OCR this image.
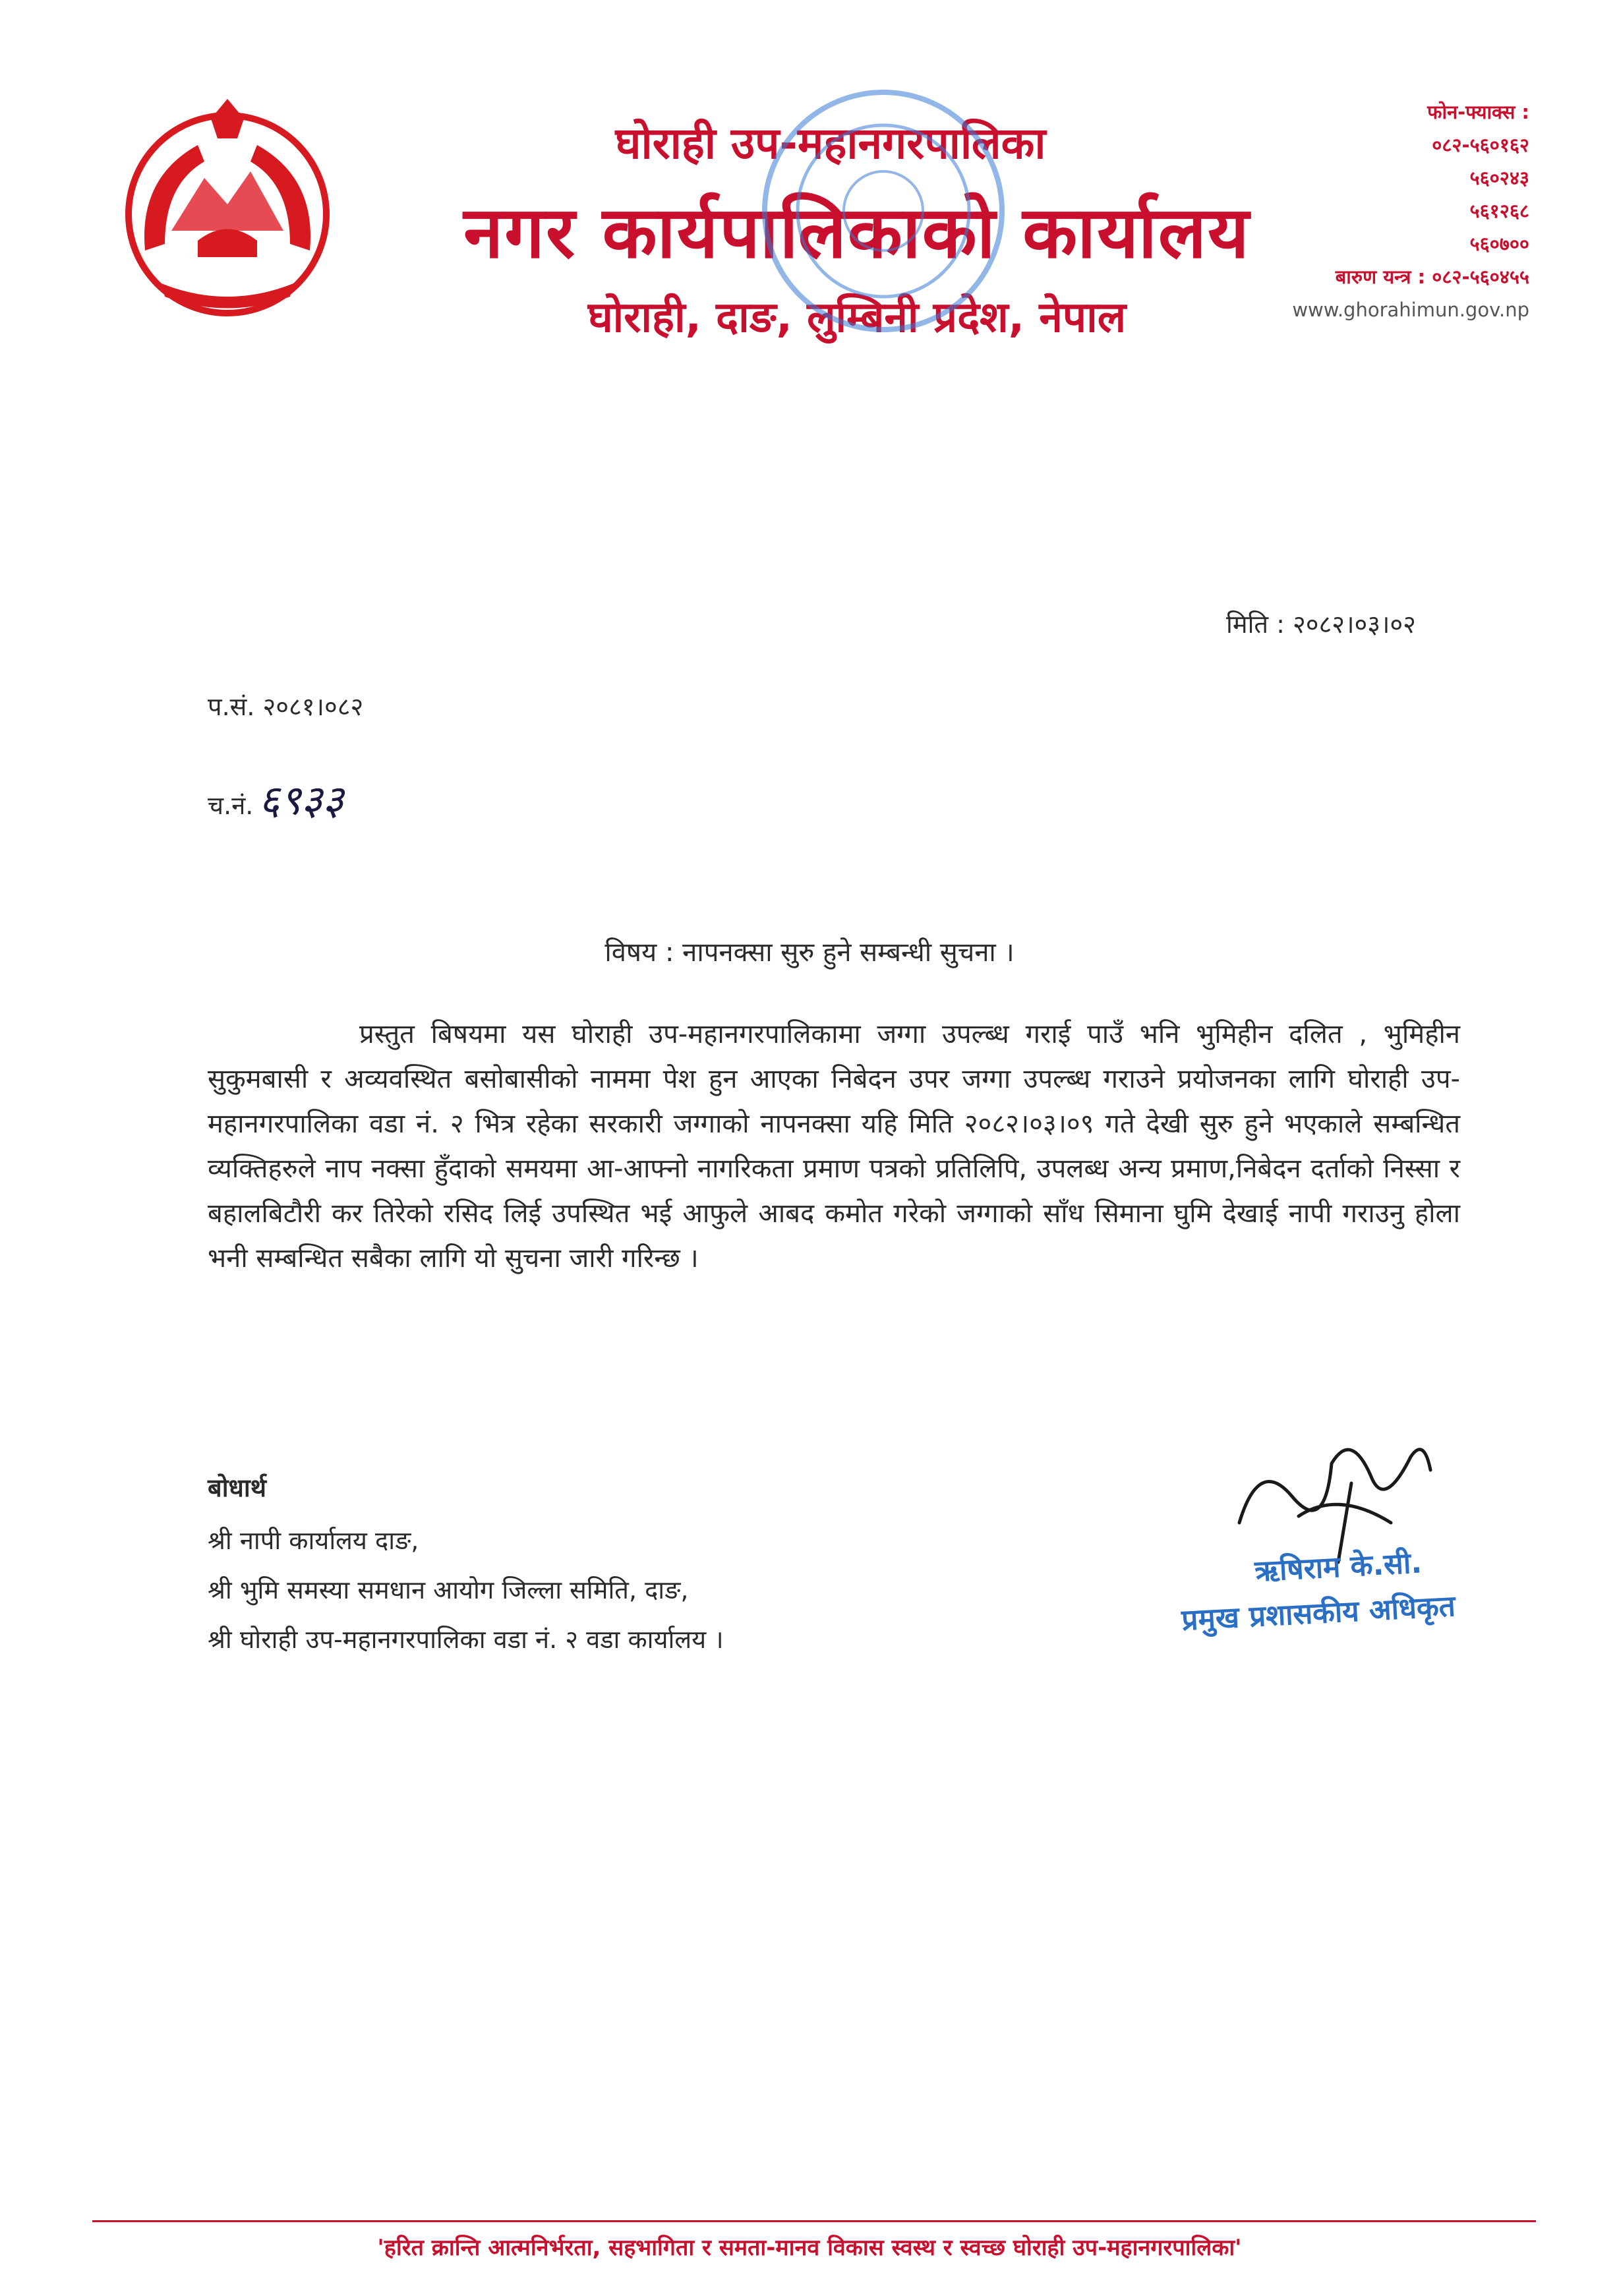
घोराही उप-महानगरपालिका
नगर कार्यपालिकाको कार्यालय
घोराही, दाङ, लुम्बिनी प्रदेश, नेपाल
फोन-फ्याक्स :
०८२-५६०१६२
५६०२४३
५६१२६८
५६०७००
बारुण यन्त्र : ०८२-५६०४५५
www.ghorahimun.gov.np
मिति : २०८२।०३।०२
प.सं. २०८१।०८२
च.नं. ६९३३
विषय : नापनक्सा सुरु हुने सम्बन्धी सुचना ।
प्रस्तुत बिषयमा यस घोराही उप-महानगरपालिकामा जग्गा उपल्ब्ध गराई पाउँ भनि भुमिहीन दलित , भुमिहीन सुकुमबासी र अव्यवस्थित बसोबासीको नाममा पेश हुन आएका निबेदन उपर जग्गा उपल्ब्ध गराउने प्रयोजनका लागि घोराही उप-महानगरपालिका वडा नं. २ भित्र रहेका सरकारी जग्गाको नापनक्सा यहि मिति २०८२।०३।०९ गते देखी सुरु हुने भएकाले सम्बन्धित व्यक्तिहरुले नाप नक्सा हुँदाको समयमा आ-आफ्नो नागरिकता प्रमाण पत्रको प्रतिलिपि, उपलब्ध अन्य प्रमाण,निबेदन दर्ताको निस्सा र बहालबिटौरी कर तिरेको रसिद लिई उपस्थित भई आफुले आबद कमोत गरेको जग्गाको साँध सिमाना घुमि देखाई नापी गराउनु होला भनी सम्बन्धित सबैका लागि यो सुचना जारी गरिन्छ ।
बोधार्थ
श्री नापी कार्यालय दाङ,
श्री भुमि समस्या समधान आयोग जिल्ला समिति, दाङ,
श्री घोराही उप-महानगरपालिका वडा नं. २ वडा कार्यालय ।
ऋषिराम के.सी.
प्रमुख प्रशासकीय अधिकृत
'हरित क्रान्ति आत्मनिर्भरता, सहभागिता र समता-मानव विकास स्वस्थ र स्वच्छ घोराही उप-महानगरपालिका'
